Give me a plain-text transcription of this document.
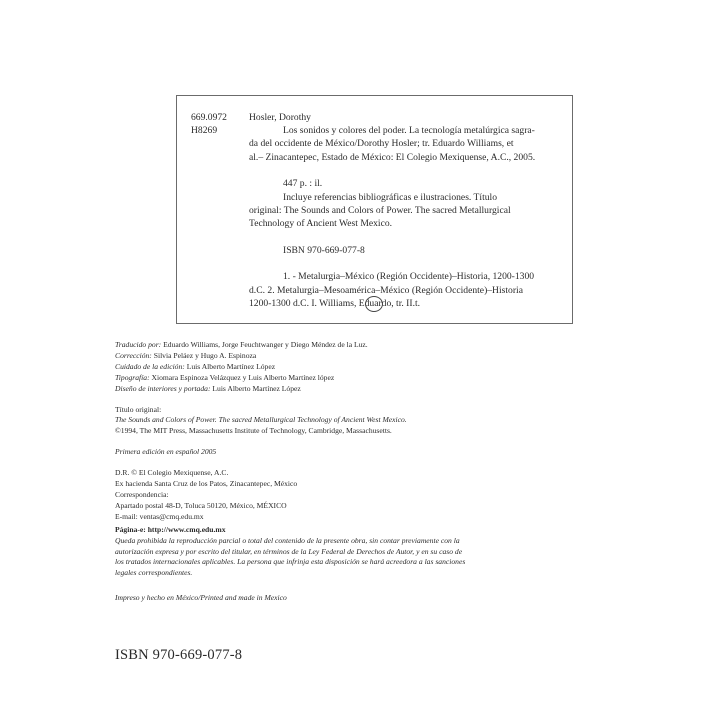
669.0972
H8269
Hosler, Dorothy

Los sonidos y colores del poder. La tecnología metalúrgica sagra-
da del occidente de México/Dorothy Hosler; tr. Eduardo Williams, et
al.– Zinacantepec, Estado de México: El Colegio Mexiquense, A.C., 2005.

447 p. : il.

Incluye referencias bibliográficas e ilustraciones. Título
original: The Sounds and Colors of Power. The sacred Metallurgical
Technology of Ancient West Mexico.

ISBN 970-669-077-8

1. - Metalurgia–México (Región Occidente)–Historia, 1200-1300
d.C. 2. Metalurgia–Mesoamérica–México (Región Occidente)–Historia
1200-1300 d.C. I. Williams, Eduardo, tr. II.t.

Traducido por: Eduardo Williams, Jorge Feuchtwanger y Diego Méndez de la Luz.
Corrección: Silvia Peláez y Hugo A. Espinoza
Cuidado de la edición: Luis Alberto Martínez López
Tipografía: Xiomara Espinoza Velázquez y Luis Alberto Martínez lópez
Diseño de interiores y portada: Luis Alberto Martínez López
Título original:
The Sounds and Colors of Power. The sacred Metallurgical Technology of Ancient West Mexico.
©1994, The MIT Press, Massachusetts Institute of Technology, Cambridge, Massachusetts.
Primera edición en español 2005
D.R. © El Colegio Mexiquense, A.C.
Ex hacienda Santa Cruz de los Patos, Zinacantepec, México
Correspondencia:
Apartado postal 48-D, Toluca 50120, México, MÉXICO
E-mail: ventas@cmq.edu.mx
Página-e: http://www.cmq.edu.mx
Queda prohibida la reproducción parcial o total del contenido de la presente obra, sin contar previamente con la
autorización expresa y por escrito del titular, en términos de la Ley Federal de Derechos de Autor, y en su caso de
los tratados internacionales aplicables. La persona que infrinja esta disposición se hará acreedora a las sanciones
legales correspondientes.
Impreso y hecho en México/Printed and made in Mexico
ISBN 970-669-077-8
